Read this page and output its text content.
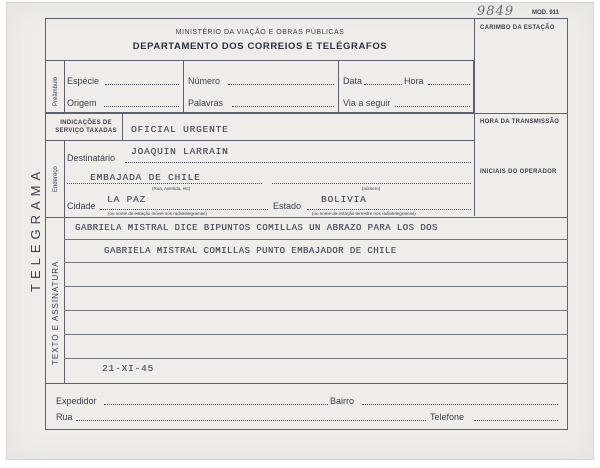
9849	MOD. 911
MINISTÉRIO DA VIAÇÃO E OBRAS PÚBLICAS
DEPARTAMENTO DOS CORREIOS E TELÉGRAFOS
CARIMBO DA ESTAÇÃO
Preâmbulo Espécie	Número	Data	Hora
Origem	Palavras	Via a seguir
INDICAÇÕES DE SERVIÇO TAXADAS	OFICIAL URGENTE
HORA DA TRANSMISSÃO
Endereço	INICIAIS DO OPERADOR
Destinatário
JOAQUIN LARRAIN
EMBAJADA DE CHILE
(Rua, Avenida, etc)	(número)
Cidade
LA PAZ
Estado
BOLIVIA
(ou nome da estação móvel nos radiotelegramas)	(ou nome da estação terrestre nos radiotelegramas)
TEXTO E ASSINATURA
TELEGRAMA	GABRIELA MISTRAL DICE BIPUNTOS COMILLAS UN ABRAZO PARA LOS DOS
GABRIELA MISTRAL COMILLAS PUNTO EMBAJADOR DE CHILE
21-XI-45
Expedidor	Bairro
Rua	Telefone
